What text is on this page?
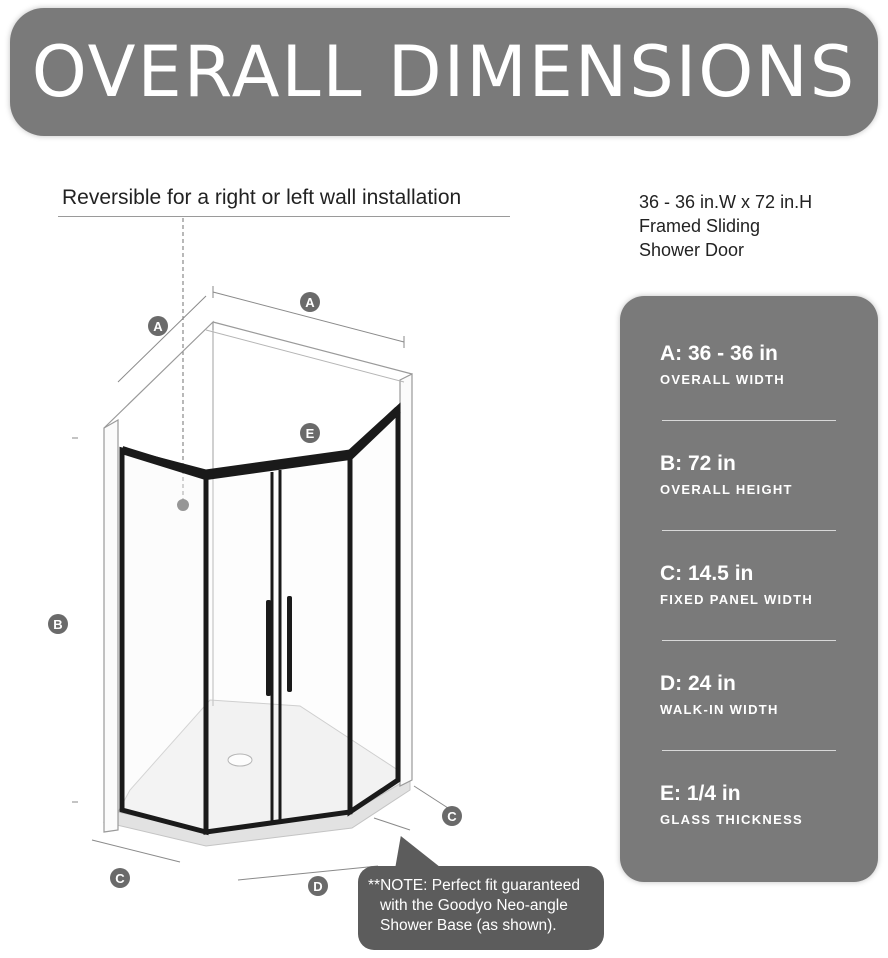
OVERALL DIMENSIONS
Reversible for a right or left wall installation	36 - 36 in.W x 72 in.H
Framed Sliding
Shower Door
A
A
E
B
C
C
D	**NOTE: Perfect fit guaranteed
with the Goodyo Neo-angle
Shower Base (as shown).
A: 36 - 36 in
OVERALL WIDTH
B: 72 in
OVERALL HEIGHT
C: 14.5 in
FIXED PANEL WIDTH
D: 24 in
WALK-IN WIDTH
E: 1/4 in
GLASS THICKNESS
